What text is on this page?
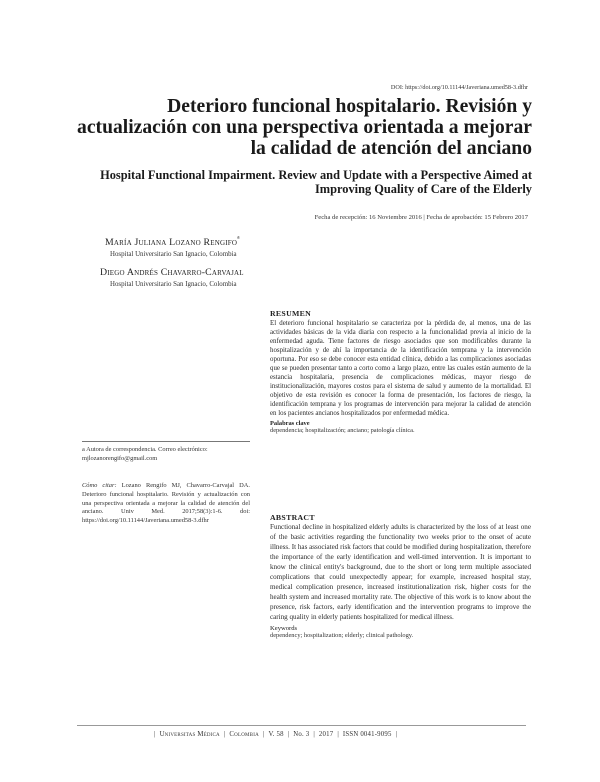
DOI: https://doi.org/10.11144/Javeriana.umed58-3.dfhr
Deterioro funcional hospitalario. Revisión y actualización con una perspectiva orientada a mejorar la calidad de atención del anciano
Hospital Functional Impairment. Review and Update with a Perspective Aimed at Improving Quality of Care of the Elderly
Fecha de recepción: 16 Noviembre 2016 | Fecha de aprobación: 15 Febrero 2017
María Juliana Lozano Rengifo$^a$
Hospital Universitario San Ignacio, Colombia
Diego Andrés Chavarro-Carvajal
Hospital Universitario San Ignacio, Colombia
RESUMEN
El deterioro funcional hospitalario se caracteriza por la pérdida de, al menos, una de las actividades básicas de la vida diaria con respecto a la funcionalidad previa al inicio de la enfermedad aguda. Tiene factores de riesgo asociados que son modificables durante la hospitalización y de ahí la importancia de la identificación temprana y la intervención oportuna. Por eso se debe conocer esta entidad clínica, debido a las complicaciones asociadas que se pueden presentar tanto a corto como a largo plazo, entre las cuales están aumento de la estancia hospitalaria, presencia de complicaciones médicas, mayor riesgo de institucionalización, mayores costos para el sistema de salud y aumento de la mortalidad. El objetivo de esta revisión es conocer la forma de presentación, los factores de riesgo, la identificación temprana y los programas de intervención para mejorar la calidad de atención en los pacientes ancianos hospitalizados por enfermedad médica.
Palabras clave
dependencia; hospitalización; anciano; patología clínica.
ABSTRACT
Functional decline in hospitalized elderly adults is characterized by the loss of at least one of the basic activities regarding the functionality two weeks prior to the onset of acute illness. It has associated risk factors that could be modified during hospitalization, therefore the importance of the early identification and well-timed intervention. It is important to know the clinical entity's background, due to the short or long term multiple associated complications that could unexpectedly appear; for example, increased hospital stay, medical complication presence, increased institutionalization risk, higher costs for the health system and increased mortality rate. The objective of this work is to know about the presence, risk factors, early identification and the intervention programs to improve the caring quality in elderly patients hospitalized for medical illness.
Keywords
dependency; hospitalization; elderly; clinical pathology.
a Autora de correspondencia. Correo electrónico: mjlozanorengifo@gmail.com
Cómo citar: Lozano Rengifo MJ, Chavarro-Carvajal DA. Deterioro funcional hospitalario. Revisión y actualización con una perspectiva orientada a mejorar la calidad de atención del anciano. Univ Med. 2017;58(3):1-6. doi: https://doi.org/10.11144/Javeriana.umed58-3.dfhr
| Universitas Médica | Colombia | V. 58 | No. 3 | 2017 | ISSN 0041-9095 |
